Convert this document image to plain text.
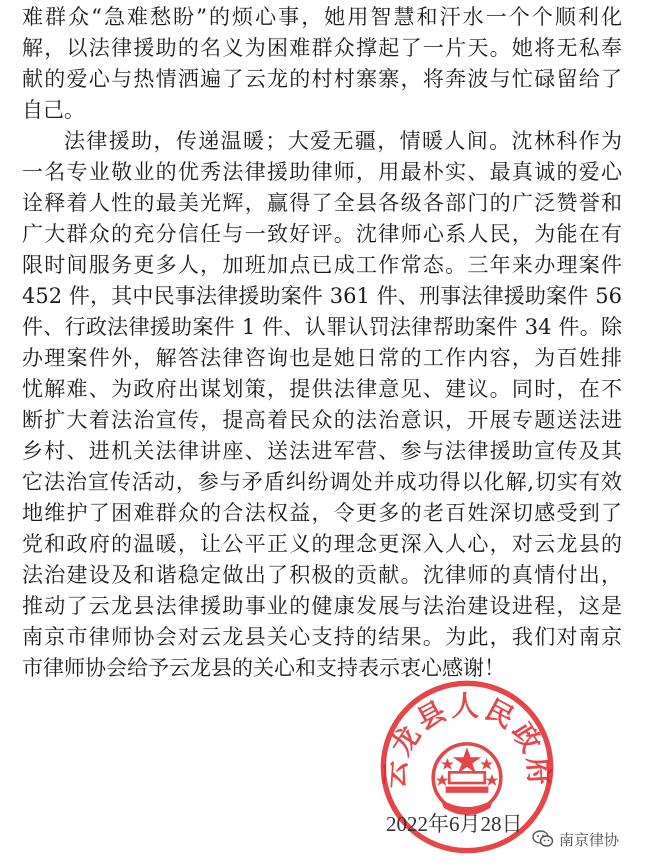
难群众“急难愁盼”的烦心事，她用智慧和汗水一个个顺利化
解，以法律援助的名义为困难群众撑起了一片天。她将无私奉
献的爱心与热情洒遍了云龙的村村寨寨，将奔波与忙碌留给了
自己。
法律援助，传递温暖；大爱无疆，情暖人间。沈林科作为
一名专业敬业的优秀法律援助律师，用最朴实、最真诚的爱心
诠释着人性的最美光辉，赢得了全县各级各部门的广泛赞誉和
广大群众的充分信任与一致好评。沈律师心系人民，为能在有
限时间服务更多人，加班加点已成工作常态。三年来办理案件
452 件，其中民事法律援助案件 361 件、刑事法律援助案件 56
件、行政法律援助案件 1 件、认罪认罚法律帮助案件 34 件。除
办理案件外，解答法律咨询也是她日常的工作内容，为百姓排
忧解难、为政府出谋划策，提供法律意见、建议。同时，在不
断扩大着法治宣传，提高着民众的法治意识，开展专题送法进
乡村、进机关法律讲座、送法进军营、参与法律援助宣传及其
它法治宣传活动，参与矛盾纠纷调处并成功得以化解,切实有效
地维护了困难群众的合法权益，令更多的老百姓深切感受到了
党和政府的温暖，让公平正义的理念更深入人心，对云龙县的
法治建设及和谐稳定做出了积极的贡献。沈律师的真情付出，
推动了云龙县法律援助事业的健康发展与法治建设进程，这是
南京市律师协会对云龙县关心支持的结果。为此，我们对南京
市律师协会给予云龙县的关心和支持表示衷心感谢！
云龙县人民政府
2022年6月28日
南京律协
